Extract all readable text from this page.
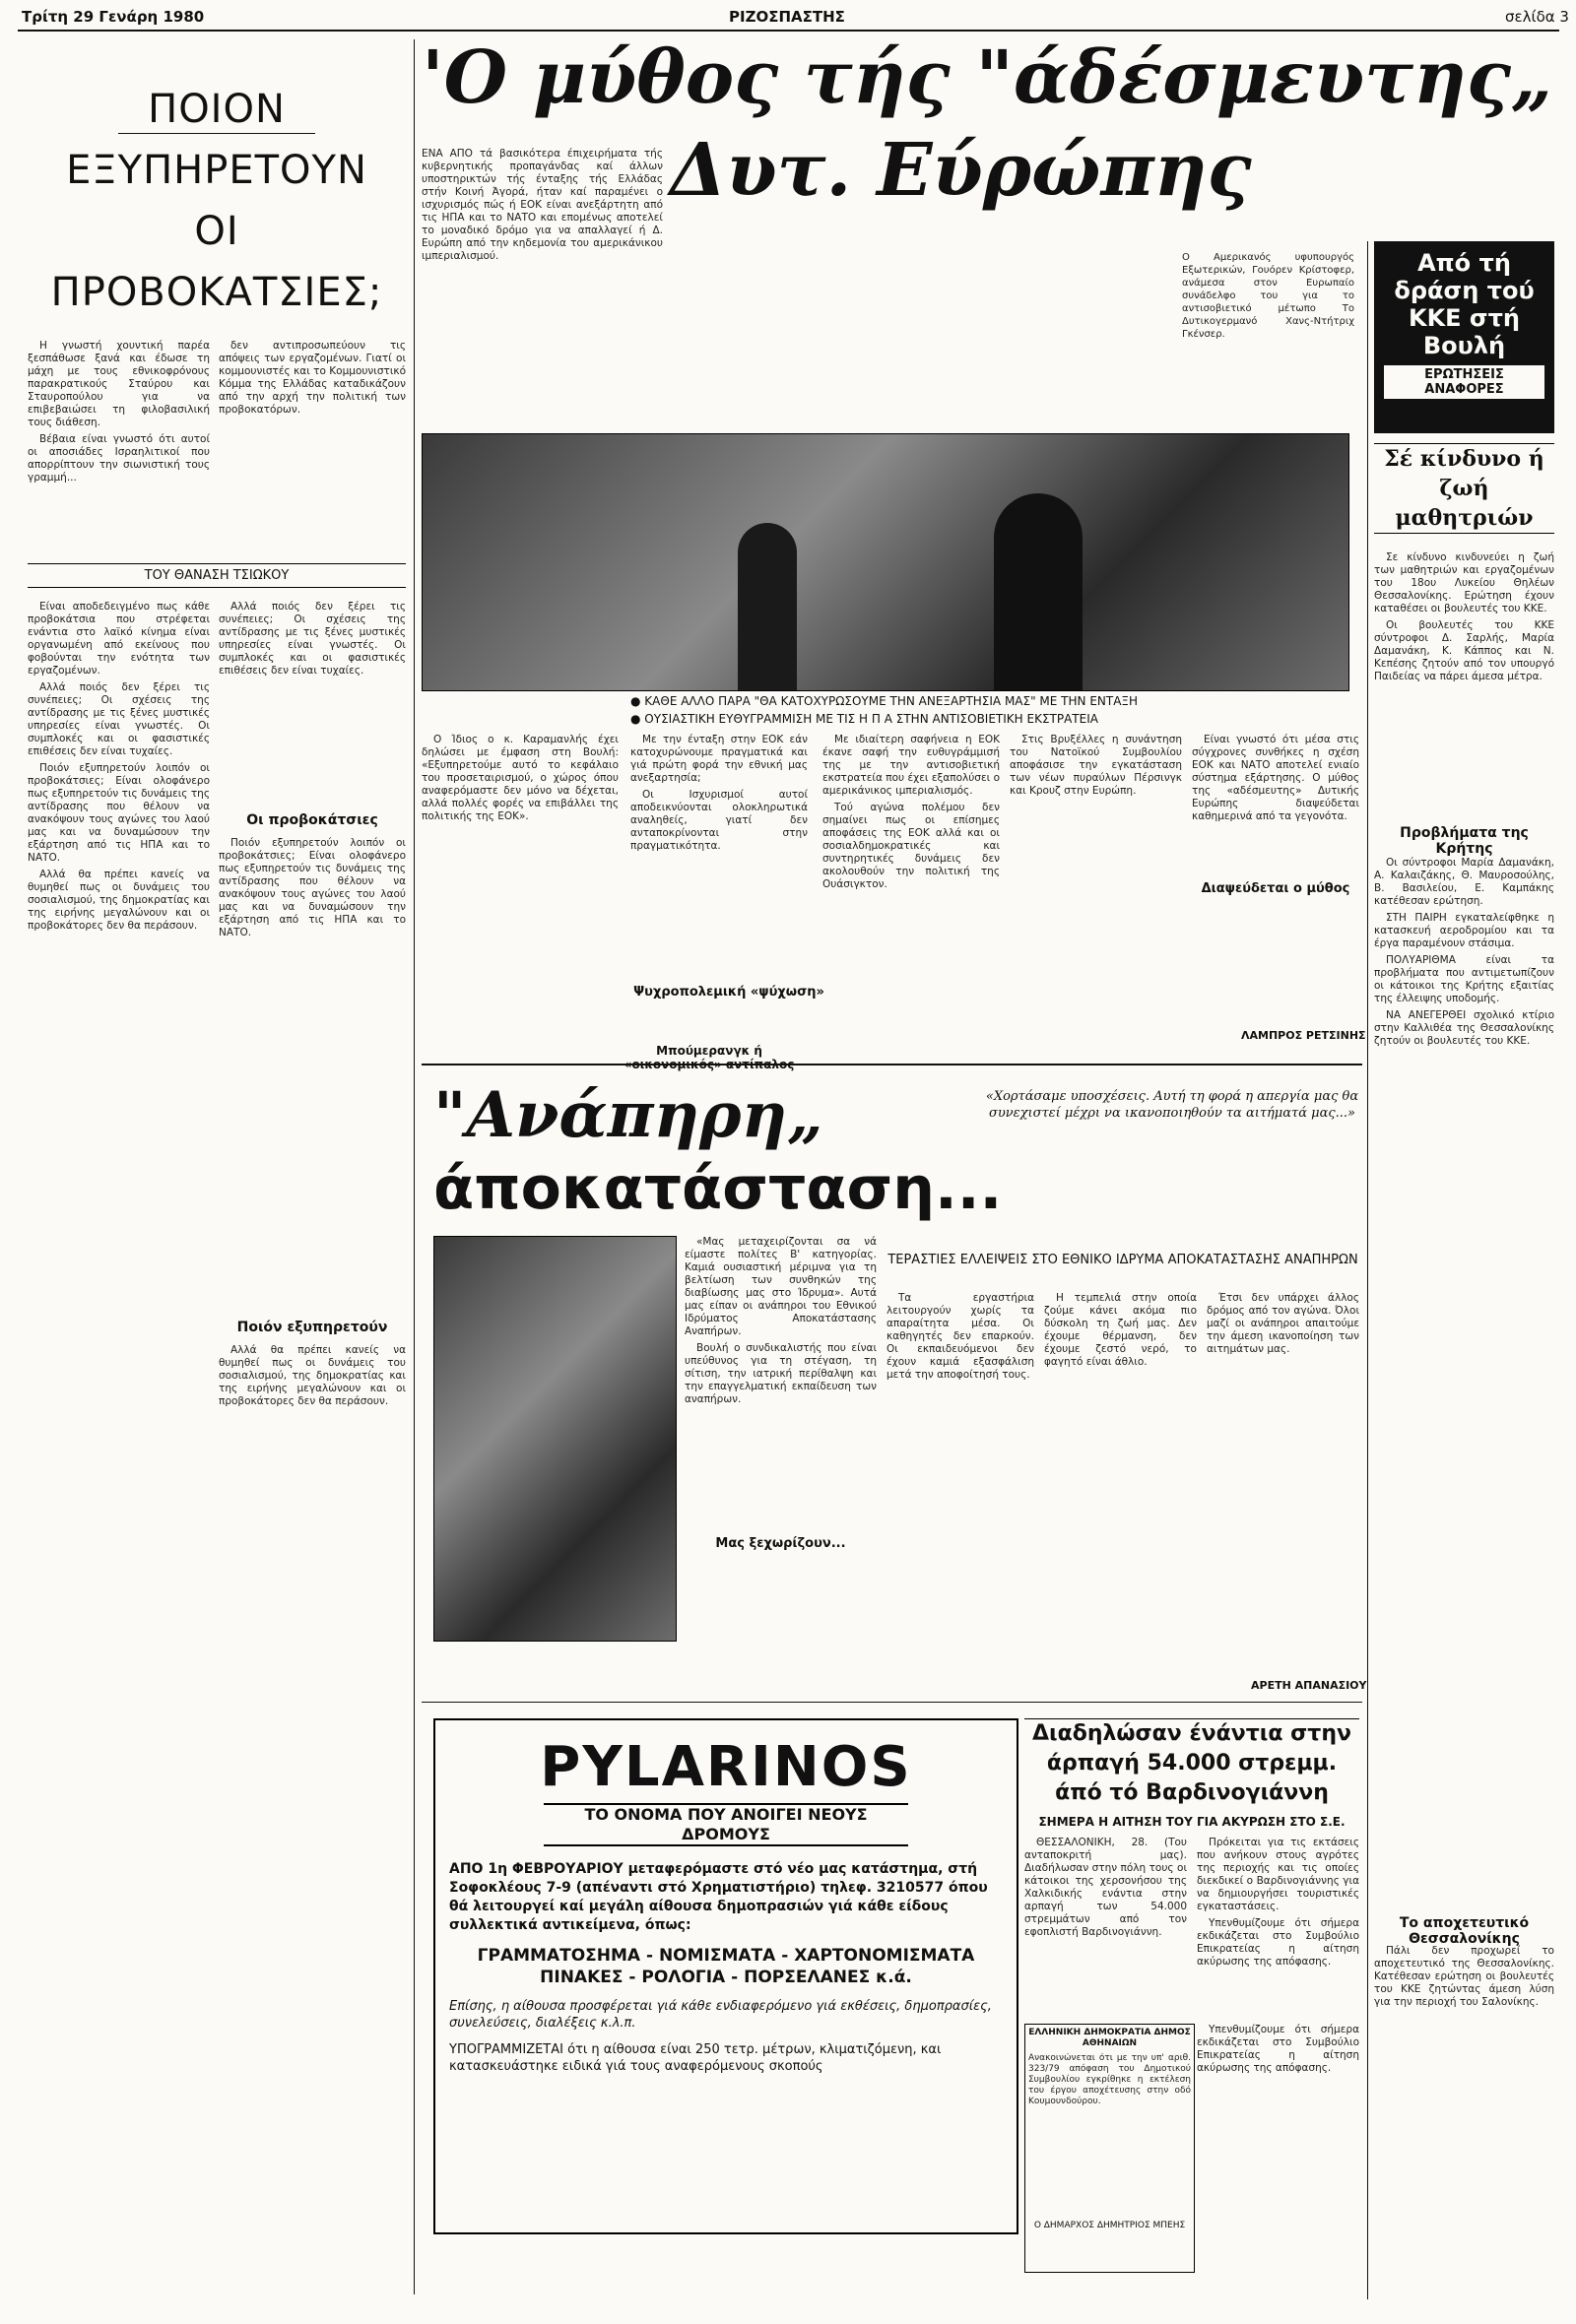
Τρίτη 29 Γενάρη 1980	ΡΙΖΟΣΠΑΣΤΗΣ	σελίδα 3
ΠΟΙΟΝ
ΕΞΥΠΗΡΕΤΟΥΝ
ΟΙ
ΠΡΟΒΟΚΑΤΣΙΕΣ;

Η γνωστή χουντική παρέα ξεσπάθωσε ξανά και έδωσε τη μάχη με τους εθνικοφρόνους παρακρατικούς Σταύρου και Σταυροπούλου για να επιβεβαιώσει τη φιλοβασιλική τους διάθεση.

Βέβαια είναι γνωστό ότι αυτοί οι αποσιάδες Ισραηλιτικοί που απορρίπτουν την σιωνιστική τους γραμμή...

δεν αντιπροσωπεύουν τις απόψεις των εργαζομένων. Γιατί οι κομμουνιστές και το Κομμουνιστικό Κόμμα της Ελλάδας καταδικάζουν από την αρχή την πολιτική των προβοκατόρων.

ΤΟΥ ΘΑΝΑΣΗ ΤΣΙΩΚΟΥ

Είναι αποδεδειγμένο πως κάθε προβοκάτσια που στρέφεται ενάντια στο λαϊκό κίνημα είναι οργανωμένη από εκείνους που φοβούνται την ενότητα των εργαζομένων.

Αλλά ποιός δεν ξέρει τις συνέπειες; Οι σχέσεις της αντίδρασης με τις ξένες μυστικές υπηρεσίες είναι γνωστές. Οι συμπλοκές και οι φασιστικές επιθέσεις δεν είναι τυχαίες.

Ποιόν εξυπηρετούν λοιπόν οι προβοκάτσιες; Είναι ολοφάνερο πως εξυπηρετούν τις δυνάμεις της αντίδρασης που θέλουν να ανακόψουν τους αγώνες του λαού μας και να δυναμώσουν την εξάρτηση από τις ΗΠΑ και το ΝΑΤΟ.

Αλλά θα πρέπει κανείς να θυμηθεί πως οι δυνάμεις του σοσιαλισμού, της δημοκρατίας και της ειρήνης μεγαλώνουν και οι προβοκάτορες δεν θα περάσουν.

Οι προβοκάτσιες
Ποιόν εξυπηρετούν

Αλλά ποιός δεν ξέρει τις συνέπειες; Οι σχέσεις της αντίδρασης με τις ξένες μυστικές υπηρεσίες είναι γνωστές. Οι συμπλοκές και οι φασιστικές επιθέσεις δεν είναι τυχαίες.

Ποιόν εξυπηρετούν λοιπόν οι προβοκάτσιες; Είναι ολοφάνερο πως εξυπηρετούν τις δυνάμεις της αντίδρασης που θέλουν να ανακόψουν τους αγώνες του λαού μας και να δυναμώσουν την εξάρτηση από τις ΗΠΑ και το ΝΑΤΟ.

Αλλά θα πρέπει κανείς να θυμηθεί πως οι δυνάμεις του σοσιαλισμού, της δημοκρατίας και της ειρήνης μεγαλώνουν και οι προβοκάτορες δεν θα περάσουν.

'Ο μύθος τής "άδέσμευτης„
Δυτ. Εύρώπης
ΕΝΑ ΑΠΟ τά βασικότερα έπιχειρήματα τής κυβερνητικής προπαγάνδας καί άλλων υποστηρικτών τής ένταξης τής Ελλάδας στήν Κοινή Άγορά, ήταν καί παραμένει ο ισχυρισμός πώς ή ΕΟΚ είναι ανεξάρτητη από τις ΗΠΑ και το ΝΑΤΟ και επομένως αποτελεί το μοναδικό δρόμο για να απαλλαγεί ή Δ. Ευρώπη από την κηδεμονία του αμερικάνικου ιμπεριαλισμού.	Ο Αμερικανός υφυπουργός Εξωτερικών, Γουόρεν Κρίστοφερ, ανάμεσα στον Ευρωπαίο συνάδελφο του για το αντισοβιετικό μέτωπο Το Δυτικογερμανό Χανς-Ντήτριχ Γκένσερ.
● ΚΑΘΕ ΑΛΛΟ ΠΑΡΑ "ΘΑ ΚΑΤΟΧΥΡΩΣΟΥΜΕ ΤΗΝ ΑΝΕΞΑΡΤΗΣΙΑ ΜΑΣ" ΜΕ ΤΗΝ ΕΝΤΑΞΗ
● ΟΥΣΙΑΣΤΙΚΗ ΕΥΘΥΓΡΑΜΜΙΣΗ ΜΕ ΤΙΣ Η Π Α ΣΤΗΝ ΑΝΤΙΣΟΒΙΕΤΙΚΗ ΕΚΣΤΡΑΤΕΙΑ

Ο Ίδιος ο κ. Καραμανλής έχει δηλώσει με έμφαση στη Βουλή: «Εξυπηρετούμε αυτό το κεφάλαιο του προσεταιρισμού, ο χώρος όπου αναφερόμαστε δεν μόνο να δέχεται, αλλά πολλές φορές να επιβάλλει της πολιτικής της ΕΟΚ».

Με την ένταξη στην ΕΟΚ εάν κατοχυρώνουμε πραγματικά και γιά πρώτη φορά την εθνική μας ανεξαρτησία;

Οι Ισχυρισμοί αυτοί αποδεικνύονται ολοκληρωτικά αναληθείς, γιατί δεν ανταποκρίνονται στην πραγματικότητα.

Ψυχροπολεμική «ψύχωση»

Με ιδιαίτερη σαφήνεια η ΕΟΚ έκανε σαφή την ευθυγράμμισή της με την αντισοβιετική εκστρατεία που έχει εξαπολύσει ο αμερικάνικος ιμπεριαλισμός.

Τού αγώνα πολέμου δεν σημαίνει πως οι επίσημες αποφάσεις της ΕΟΚ αλλά και οι σοσιαλδημοκρατικές και συντηρητικές δυνάμεις δεν ακολουθούν την πολιτική της Ουάσιγκτον.

Μπούμερανγκ ή

Στις Βρυξέλλες η συνάντηση του Νατοϊκού Συμβουλίου αποφάσισε την εγκατάσταση των νέων πυραύλων Πέρσινγκ και Κρουζ στην Ευρώπη.

Διαψεύδεται ο μύθος

Είναι γνωστό ότι μέσα στις σύγχρονες συνθήκες η σχέση ΕΟΚ και ΝΑΤΟ αποτελεί ενιαίο σύστημα εξάρτησης. Ο μύθος της «αδέσμευτης» Δυτικής Ευρώπης διαψεύδεται καθημερινά από τα γεγονότα.

ΛΑΜΠΡΟΣ ΡΕΤΣΙΝΗΣ
Από τή δράση τού ΚΚΕ στή Βουλή
ΕΡΩΤΗΣΕΙΣ ΑΝΑΦΟΡΕΣ
Σέ κίνδυνο ή ζωή μαθητριών

Σε κίνδυνο κινδυνεύει η ζωή των μαθητριών και εργαζομένων του 18ου Λυκείου Θηλέων Θεσσαλονίκης. Ερώτηση έχουν καταθέσει οι βουλευτές του ΚΚΕ.

Οι βουλευτές του ΚΚΕ σύντροφοι Δ. Σαρλής, Μαρία Δαμανάκη, Κ. Κάππος και Ν. Κεπέσης ζητούν από τον υπουργό Παιδείας να πάρει άμεσα μέτρα.

Προβλήματα της Κρήτης

Οι σύντροφοι Μαρία Δαμανάκη, Α. Καλαιζάκης, Θ. Μαυροσούλης, Β. Βασιλείου, Ε. Καμπάκης κατέθεσαν ερώτηση.

ΣΤΗ ΠΑΙΡΗ εγκαταλείφθηκε η κατασκευή αεροδρομίου και τα έργα παραμένουν στάσιμα.

ΠΟΛΥΑΡΙΘΜΑ είναι τα προβλήματα που αντιμετωπίζουν οι κάτοικοι της Κρήτης εξαιτίας της έλλειψης υποδομής.

ΝΑ ΑΝΕΓΕΡΘΕΙ σχολικό κτίριο στην Καλλιθέα της Θεσσαλονίκης ζητούν οι βουλευτές του ΚΚΕ.

Το αποχετευτικό Θεσσαλονίκης

Πάλι δεν προχωρεί το αποχετευτικό της Θεσσαλονίκης. Κατέθεσαν ερώτηση οι βουλευτές του ΚΚΕ ζητώντας άμεση λύση για την περιοχή του Σαλονίκης.

"Ανάπηρη„
άποκατάσταση...
«Χορτάσαμε υποσχέσεις. Αυτή τη φορά η απεργία μας θα συνεχιστεί μέχρι να ικανοποιηθούν τα αιτήματά μας...»
ΤΕΡΑΣΤΙΕΣ ΕΛΛΕΙΨΕΙΣ ΣΤΟ ΕΘΝΙΚΟ ΙΔΡΥΜΑ ΑΠΟΚΑΤΑΣΤΑΣΗΣ ΑΝΑΠΗΡΩΝ

«Μας μεταχειρίζονται σα νά είμαστε πολίτες Β' κατηγορίας. Καμιά ουσιαστική μέριμνα για τη βελτίωση των συνθηκών της διαβίωσης μας στο Ίδρυμα». Αυτά μας είπαν οι ανάπηροι του Εθνικού Ιδρύματος Αποκατάστασης Αναπήρων.

Βουλή ο συνδικαλιστής που είναι υπεύθυνος για τη στέγαση, τη σίτιση, την ιατρική περίθαλψη και την επαγγελματική εκπαίδευση των αναπήρων.

Τα εργαστήρια λειτουργούν χωρίς τα απαραίτητα μέσα. Οι καθηγητές δεν επαρκούν. Οι εκπαιδευόμενοι δεν έχουν καμιά εξασφάλιση μετά την αποφοίτησή τους.

Μας ξεχωρίζουν...

Η τεμπελιά στην οποία ζούμε κάνει ακόμα πιο δύσκολη τη ζωή μας. Δεν έχουμε θέρμανση, δεν έχουμε ζεστό νερό, το φαγητό είναι άθλιο.

Έτσι δεν υπάρχει άλλος δρόμος από τον αγώνα. Όλοι μαζί οι ανάπηροι απαιτούμε την άμεση ικανοποίηση των αιτημάτων μας.

ΑΡΕΤΗ ΑΠΑΝΑΣΙΟΥ
PYLARINOS
ΤΟ ΟΝΟΜΑ ΠΟΥ ΑΝΟΙΓΕΙ ΝΕΟΥΣ ΔΡΟΜΟΥΣ
ΑΠΟ 1η ΦΕΒΡΟΥΑΡΙΟΥ μεταφερόμαστε στό νέο μας κατάστημα, στή Σοφοκλέους 7-9 (απέναντι στό Χρηματιστήριο) τηλεφ. 3210577 όπου θά λειτουργεί καί μεγάλη αίθουσα δημοπρασιών γιά κάθε είδους συλλεκτικά αντικείμενα, όπως:
ΓΡΑΜΜΑΤΟΣΗΜΑ - ΝΟΜΙΣΜΑΤΑ - ΧΑΡΤΟΝΟΜΙΣΜΑΤΑ ΠΙΝΑΚΕΣ - ΡΟΛΟΓΙΑ - ΠΟΡΣΕΛΑΝΕΣ κ.ά.
Επίσης, η αίθουσα προσφέρεται γιά κάθε ενδιαφερόμενο γιά εκθέσεις, δημοπρασίες, συνελεύσεις, διαλέξεις κ.λ.π.
ΥΠΟΓΡΑΜΜΙΖΕΤΑΙ ότι η αίθουσα είναι 250 τετρ. μέτρων, κλιματιζόμενη, και κατασκευάστηκε ειδικά γιά τους αναφερόμενους σκοπούς
Διαδηλώσαν ένάντια στην
άρπαγή 54.000 στρεμμ.
άπό τό Βαρδινογιάννη
ΣΗΜΕΡΑ Η ΑΙΤΗΣΗ ΤΟΥ ΓΙΑ ΑΚΥΡΩΣΗ ΣΤΟ Σ.Ε.

ΘΕΣΣΑΛΟΝΙΚΗ, 28. (Του ανταποκριτή μας). Διαδήλωσαν στην πόλη τους οι κάτοικοι της χερσονήσου της Χαλκιδικής ενάντια στην αρπαγή των 54.000 στρεμμάτων από τον εφοπλιστή Βαρδινογιάννη.

Πρόκειται για τις εκτάσεις που ανήκουν στους αγρότες της περιοχής και τις οποίες διεκδικεί ο Βαρδινογιάννης για να δημιουργήσει τουριστικές εγκαταστάσεις.

Υπενθυμίζουμε ότι σήμερα εκδικάζεται στο Συμβούλιο Επικρατείας η αίτηση ακύρωσης της απόφασης.

ΕΛΛΗΝΙΚΗ ΔΗΜΟΚΡΑΤΙΑ ΔΗΜΟΣ ΑΘΗΝΑΙΩΝ
Ανακοινώνεται ότι με την υπ' αριθ. 323/79 απόφαση του Δημοτικού Συμβουλίου εγκρίθηκε η εκτέλεση του έργου αποχέτευσης στην οδό Κουμουνδούρου.
Ο ΔΗΜΑΡΧΟΣ ΔΗΜΗΤΡΙΟΣ ΜΠΕΗΣ

Υπενθυμίζουμε ότι σήμερα εκδικάζεται στο Συμβούλιο Επικρατείας η αίτηση ακύρωσης της απόφασης.
